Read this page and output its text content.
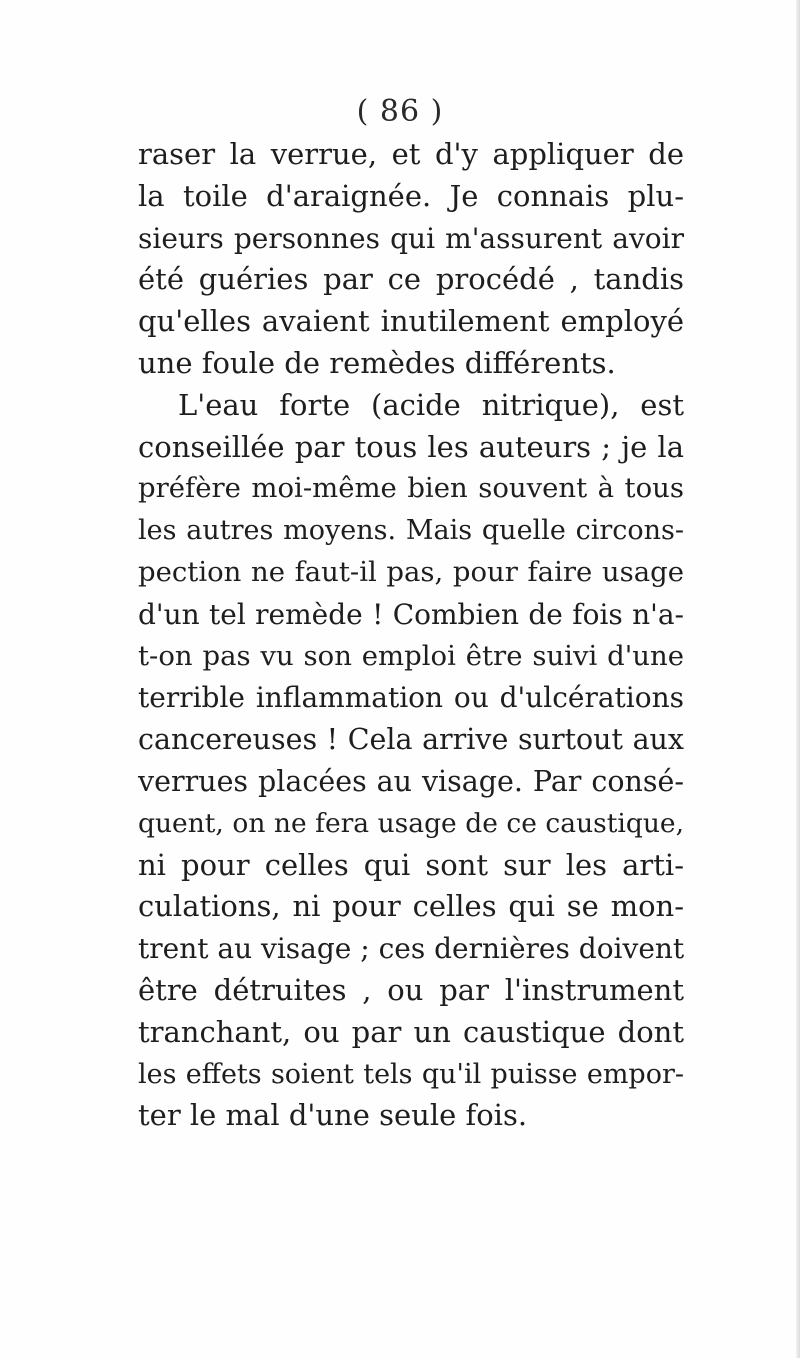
( 86 )
raser la verrue, et d'y appliquer de
la toile d'araignée. Je connais plu-
sieurs personnes qui m'assurent avoir
été guéries par ce procédé , tandis
qu'elles avaient inutilement employé
une foule de remèdes différents.
L'eau forte (acide nitrique), est
conseillée par tous les auteurs ; je la
préfère moi-même bien souvent à tous
les autres moyens. Mais quelle circons-
pection ne faut-il pas, pour faire usage
d'un tel remède ! Combien de fois n'a-
t-on pas vu son emploi être suivi d'une
terrible inflammation ou d'ulcérations
cancereuses ! Cela arrive surtout aux
verrues placées au visage. Par consé-
quent, on ne fera usage de ce caustique,
ni pour celles qui sont sur les arti-
culations, ni pour celles qui se mon-
trent au visage ; ces dernières doivent
être détruites , ou par l'instrument
tranchant, ou par un caustique dont
les effets soient tels qu'il puisse empor-
ter le mal d'une seule fois.
